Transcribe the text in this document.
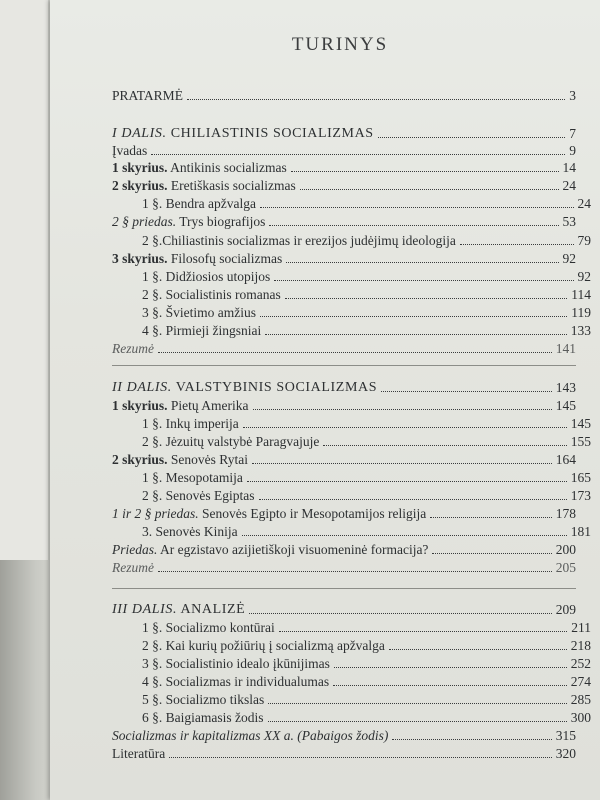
TURINYS
PRATARMĖ	3
I DALIS. CHILIASTINIS SOCIALIZMAS	7
Įvadas	9
1 skyrius. Antikinis socializmas	14
2 skyrius. Eretiškasis socializmas	24
1 §. Bendra apžvalga	24
2 § priedas. Trys biografijos	53
2 §.Chiliastinis socializmas ir erezijos judėjimų ideologija	79
3 skyrius. Filosofų socializmas	92
1 §. Didžiosios utopijos	92
2 §. Socialistinis romanas	114
3 §. Švietimo amžius	119
4 §. Pirmieji žingsniai	133
Rezumė	141
II DALIS. VALSTYBINIS SOCIALIZMAS	143
1 skyrius. Pietų Amerika	145
1 §. Inkų imperija	145
2 §. Jėzuitų valstybė Paragvajuje	155
2 skyrius. Senovės Rytai	164
1 §. Mesopotamija	165
2 §. Senovės Egiptas	173
1 ir 2 § priedas. Senovės Egipto ir Mesopotamijos religija	178
3. Senovės Kinija	181
Priedas. Ar egzistavo azijietiškoji visuomeninė formacija?	200
Rezumė	205
III DALIS. ANALIZĖ	209
1 §. Socializmo kontūrai	211
2 §. Kai kurių požiūrių į socializmą apžvalga	218
3 §. Socialistinio idealo įkūnijimas	252
4 §. Socializmas ir individualumas	274
5 §. Socializmo tikslas	285
6 §. Baigiamasis žodis	300
Socializmas ir kapitalizmas XX a. (Pabaigos žodis)	315
Literatūra	320
